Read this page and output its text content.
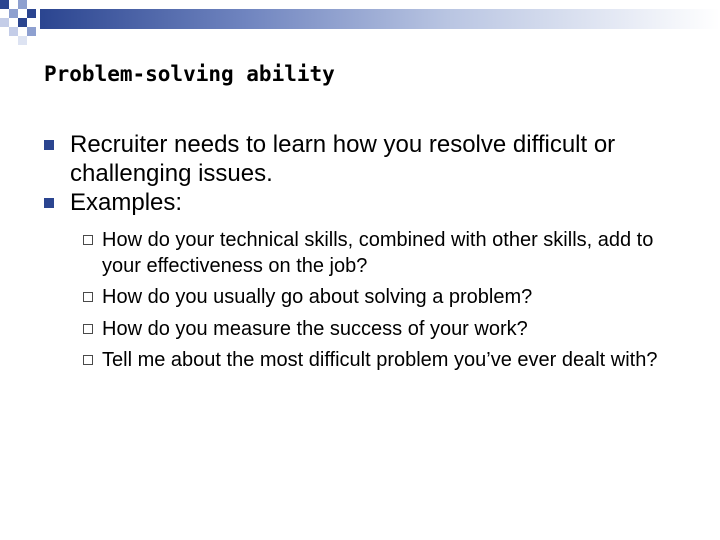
Problem-solving ability
Recruiter needs to learn how you resolve difficult or challenging issues.
Examples:
How do your technical skills, combined with other skills, add to your effectiveness on the job?
How do you usually go about solving a problem?
How do you measure the success of your work?
Tell me about the most difficult problem you’ve ever dealt with?
